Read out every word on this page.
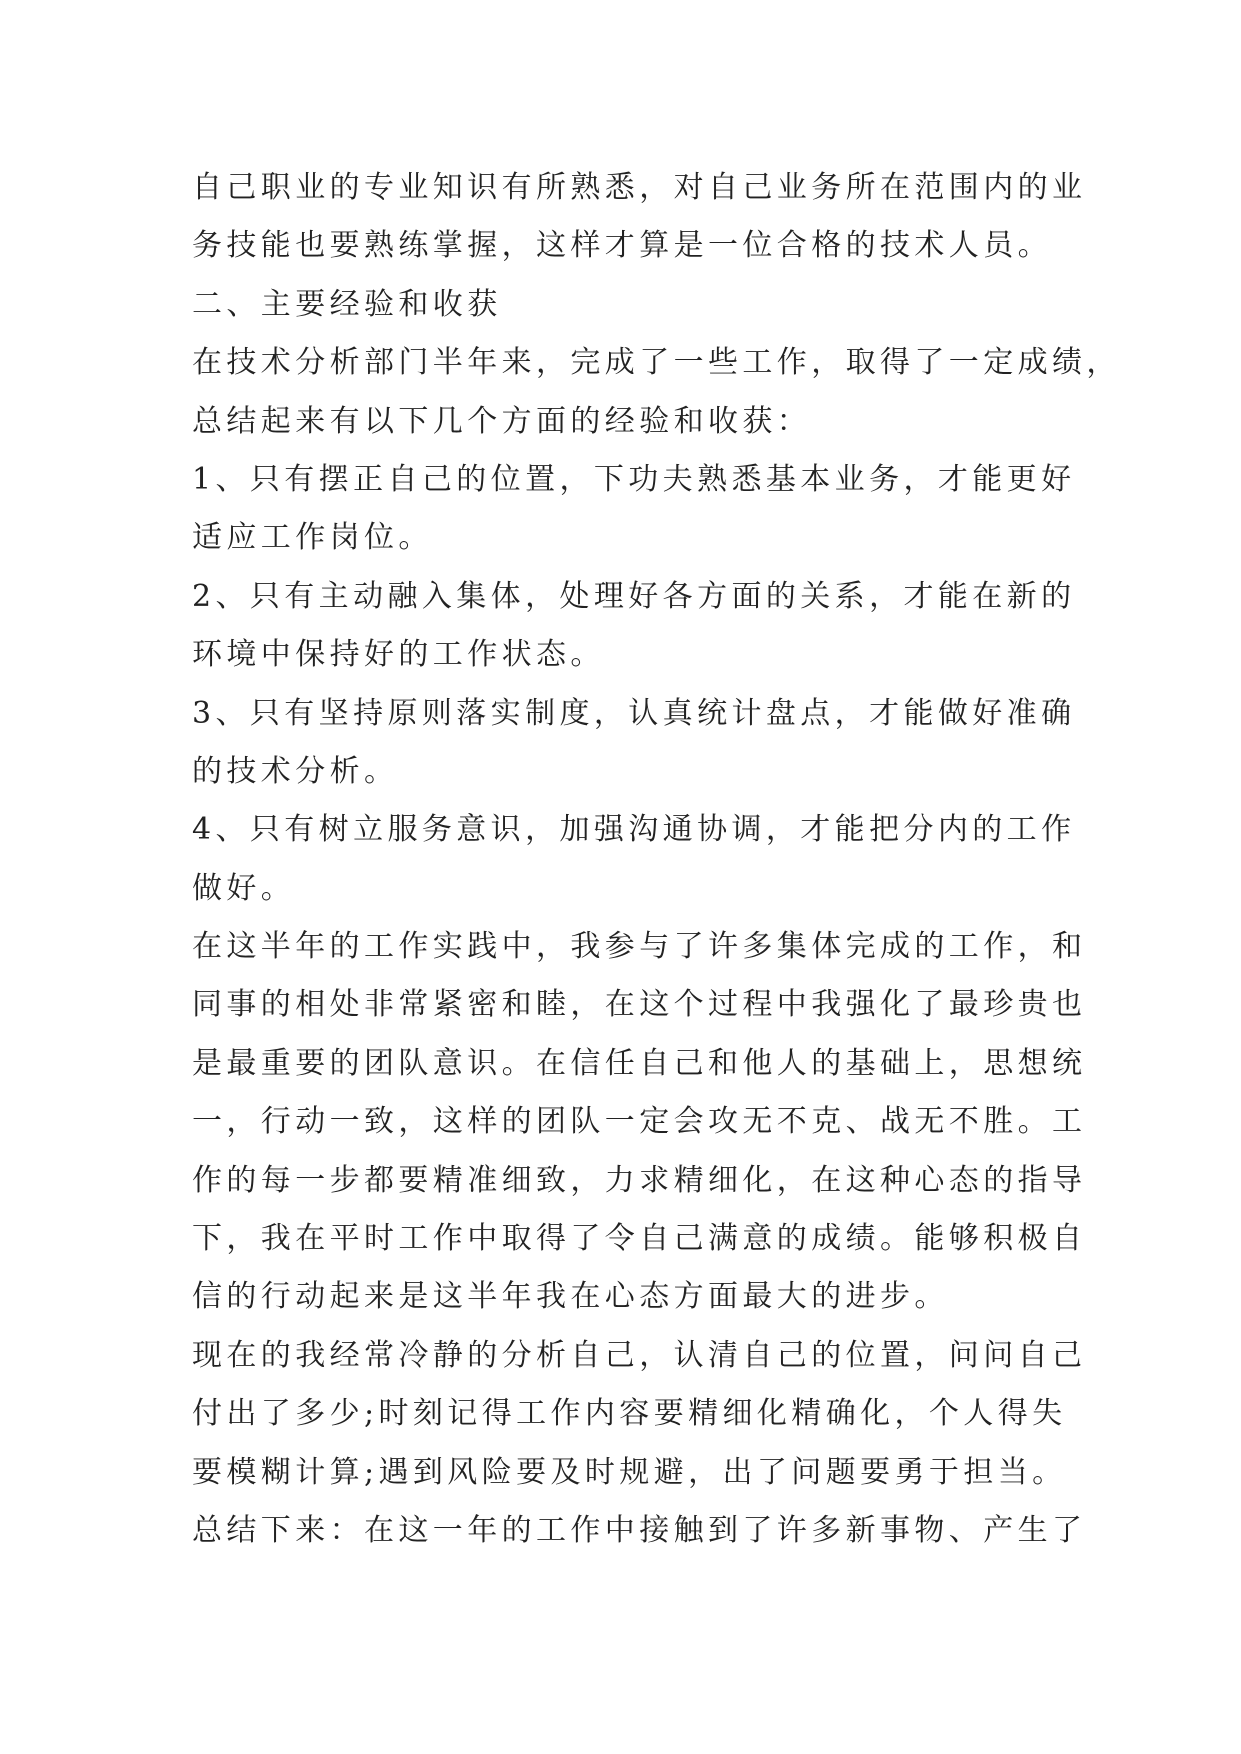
自己职业的专业知识有所熟悉，对自己业务所在范围内的业
务技能也要熟练掌握，这样才算是一位合格的技术人员。
二、主要经验和收获
在技术分析部门半年来，完成了一些工作，取得了一定成绩，
总结起来有以下几个方面的经验和收获：
1、只有摆正自己的位置，下功夫熟悉基本业务，才能更好
适应工作岗位。
2、只有主动融入集体，处理好各方面的关系，才能在新的
环境中保持好的工作状态。
3、只有坚持原则落实制度，认真统计盘点，才能做好准确
的技术分析。
4、只有树立服务意识，加强沟通协调，才能把分内的工作
做好。
在这半年的工作实践中，我参与了许多集体完成的工作，和
同事的相处非常紧密和睦，在这个过程中我强化了最珍贵也
是最重要的团队意识。在信任自己和他人的基础上，思想统
一，行动一致，这样的团队一定会攻无不克、战无不胜。工
作的每一步都要精准细致，力求精细化，在这种心态的指导
下，我在平时工作中取得了令自己满意的成绩。能够积极自
信的行动起来是这半年我在心态方面最大的进步。
现在的我经常冷静的分析自己，认清自己的位置，问问自己
付出了多少;时刻记得工作内容要精细化精确化，个人得失
要模糊计算;遇到风险要及时规避，出了问题要勇于担当。
总结下来：在这一年的工作中接触到了许多新事物、产生了
